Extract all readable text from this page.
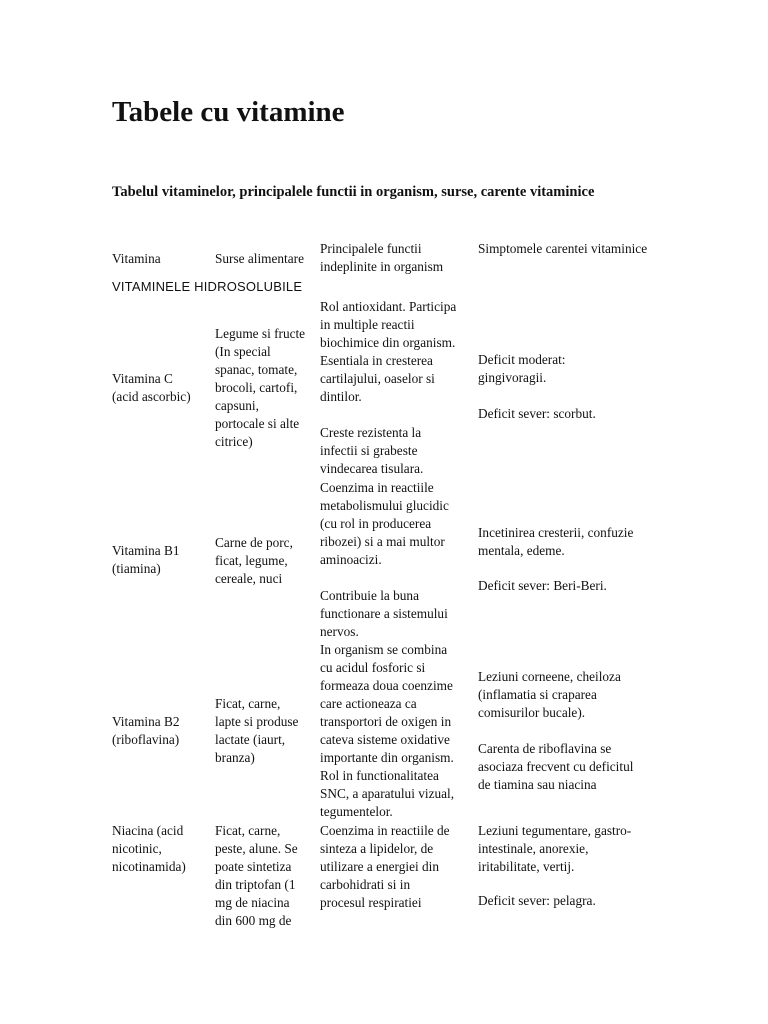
Tabele cu vitamine
Tabelul vitaminelor, principalele functii in organism, surse, carente vitaminice
Vitamina	Surse alimentare
Principalele functii indeplinite in organism
Simptomele carentei vitaminice
VITAMINELE HIDROSOLUBILE
Vitamina C
(acid ascorbic)
Legume si fructe
(In special
spanac, tomate,
brocoli, cartofi,
capsuni,
portocale si alte
citrice)
Rol antioxidant. Participa
in multiple reactii
biochimice din organism.
Esentiala in cresterea
cartilajului, oaselor si
dintilor.
Creste rezistenta la
infectii si grabeste
vindecarea tisulara.
Deficit moderat:
gingivoragii.
Deficit sever: scorbut.
Vitamina B1
(tiamina)
Carne de porc,
ficat, legume,
cereale, nuci
Coenzima in reactiile
metabolismului glucidic
(cu rol in producerea
ribozei) si a mai multor
aminoacizi.
Contribuie la buna
functionare a sistemului
nervos.
Incetinirea cresterii, confuzie
mentala, edeme.
Deficit sever: Beri-Beri.
Vitamina B2
(riboflavina)
Ficat, carne,
lapte si produse
lactate (iaurt,
branza)
In organism se combina
cu acidul fosforic si
formeaza doua coenzime
care actioneaza ca
transportori de oxigen in
cateva sisteme oxidative
importante din organism.
Rol in functionalitatea
SNC, a aparatului vizual,
tegumentelor.
Leziuni corneene, cheiloza
(inflamatia si craparea
comisurilor bucale).
Carenta de riboflavina se
asociaza frecvent cu deficitul
de tiamina sau niacina
Niacina (acid
nicotinic,
nicotinamida)
Ficat, carne,
peste, alune. Se
poate sintetiza
din triptofan (1
mg de niacina
din 600 mg de
Coenzima in reactiile de
sinteza a lipidelor, de
utilizare a energiei din
carbohidrati si in
procesul respiratiei
Leziuni tegumentare, gastro-
intestinale, anorexie,
iritabilitate, vertij.
Deficit sever: pelagra.
